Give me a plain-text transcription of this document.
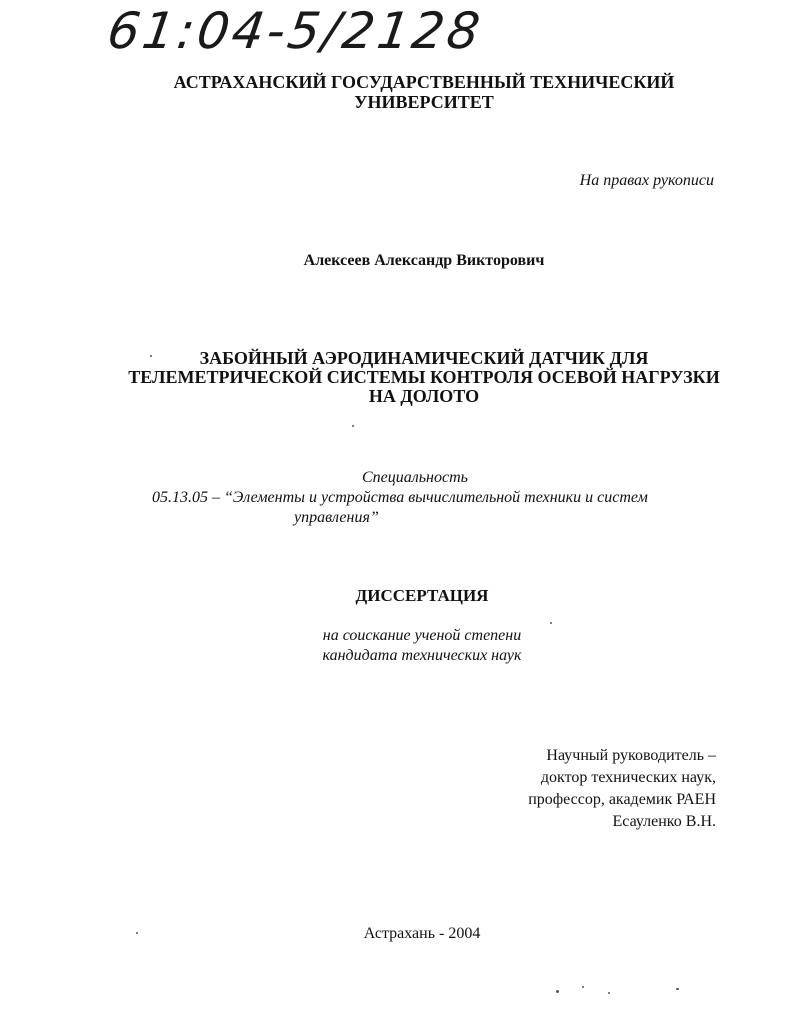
61:04-5/2128
АСТРАХАНСКИЙ ГОСУДАРСТВЕННЫЙ ТЕХНИЧЕСКИЙ
УНИВЕРСИТЕТ
На правах рукописи
Алексеев Александр Викторович
ЗАБОЙНЫЙ АЭРОДИНАМИЧЕСКИЙ ДАТЧИК ДЛЯ
ТЕЛЕМЕТРИЧЕСКОЙ СИСТЕМЫ КОНТРОЛЯ ОСЕВОЙ НАГРУЗКИ
НА ДОЛОТО
Специальность
05.13.05 – “Элементы и устройства вычислительной техники и систем
управления”
ДИССЕРТАЦИЯ
на соискание ученой степени
кандидата технических наук
Научный руководитель –
доктор технических наук,
профессор, академик РАЕН
Есауленко В.Н.
Астрахань - 2004
